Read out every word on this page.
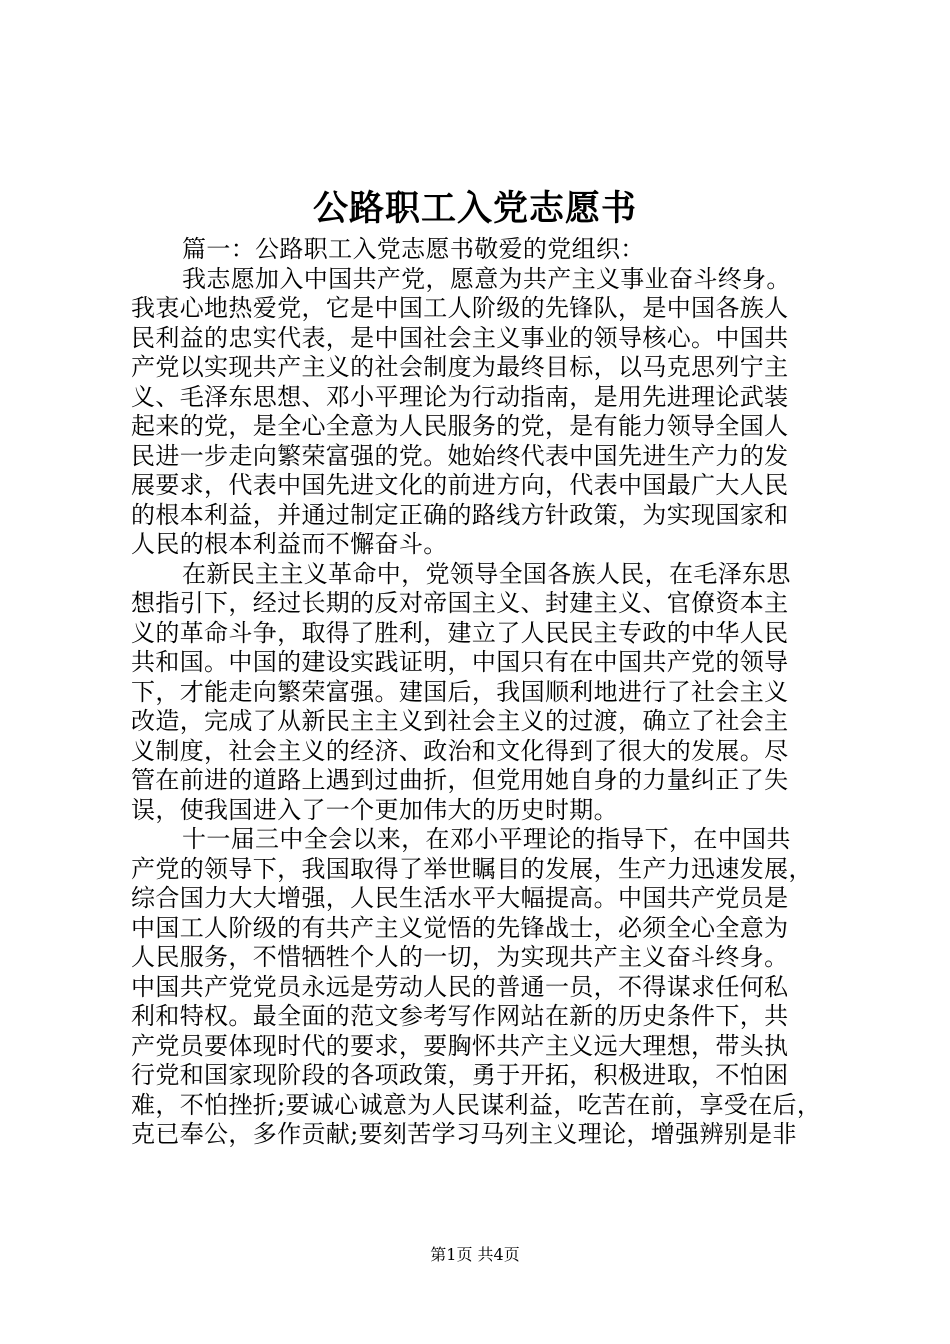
公路职工入党志愿书
篇一：公路职工入党志愿书敬爱的党组织：
我志愿加入中国共产党，愿意为共产主义事业奋斗终身。
我衷心地热爱党，它是中国工人阶级的先锋队，是中国各族人
民利益的忠实代表，是中国社会主义事业的领导核心。中国共
产党以实现共产主义的社会制度为最终目标，以马克思列宁主
义、毛泽东思想、邓小平理论为行动指南，是用先进理论武装
起来的党，是全心全意为人民服务的党，是有能力领导全国人
民进一步走向繁荣富强的党。她始终代表中国先进生产力的发
展要求，代表中国先进文化的前进方向，代表中国最广大人民
的根本利益，并通过制定正确的路线方针政策，为实现国家和
人民的根本利益而不懈奋斗。
在新民主主义革命中，党领导全国各族人民，在毛泽东思
想指引下，经过长期的反对帝国主义、封建主义、官僚资本主
义的革命斗争，取得了胜利，建立了人民民主专政的中华人民
共和国。中国的建设实践证明，中国只有在中国共产党的领导
下，才能走向繁荣富强。建国后，我国顺利地进行了社会主义
改造，完成了从新民主主义到社会主义的过渡，确立了社会主
义制度，社会主义的经济、政治和文化得到了很大的发展。尽
管在前进的道路上遇到过曲折，但党用她自身的力量纠正了失
误，使我国进入了一个更加伟大的历史时期。
十一届三中全会以来，在邓小平理论的指导下，在中国共
产党的领导下，我国取得了举世瞩目的发展，生产力迅速发展，
综合国力大大增强，人民生活水平大幅提高。中国共产党员是
中国工人阶级的有共产主义觉悟的先锋战士，必须全心全意为
人民服务，不惜牺牲个人的一切，为实现共产主义奋斗终身。
中国共产党党员永远是劳动人民的普通一员，不得谋求任何私
利和特权。最全面的范文参考写作网站在新的历史条件下，共
产党员要体现时代的要求，要胸怀共产主义远大理想，带头执
行党和国家现阶段的各项政策，勇于开拓，积极进取，不怕困
难，不怕挫折;要诚心诚意为人民谋利益，吃苦在前，享受在后，
克已奉公，多作贡献;要刻苦学习马列主义理论，增强辨别是非
第1页 共4页
